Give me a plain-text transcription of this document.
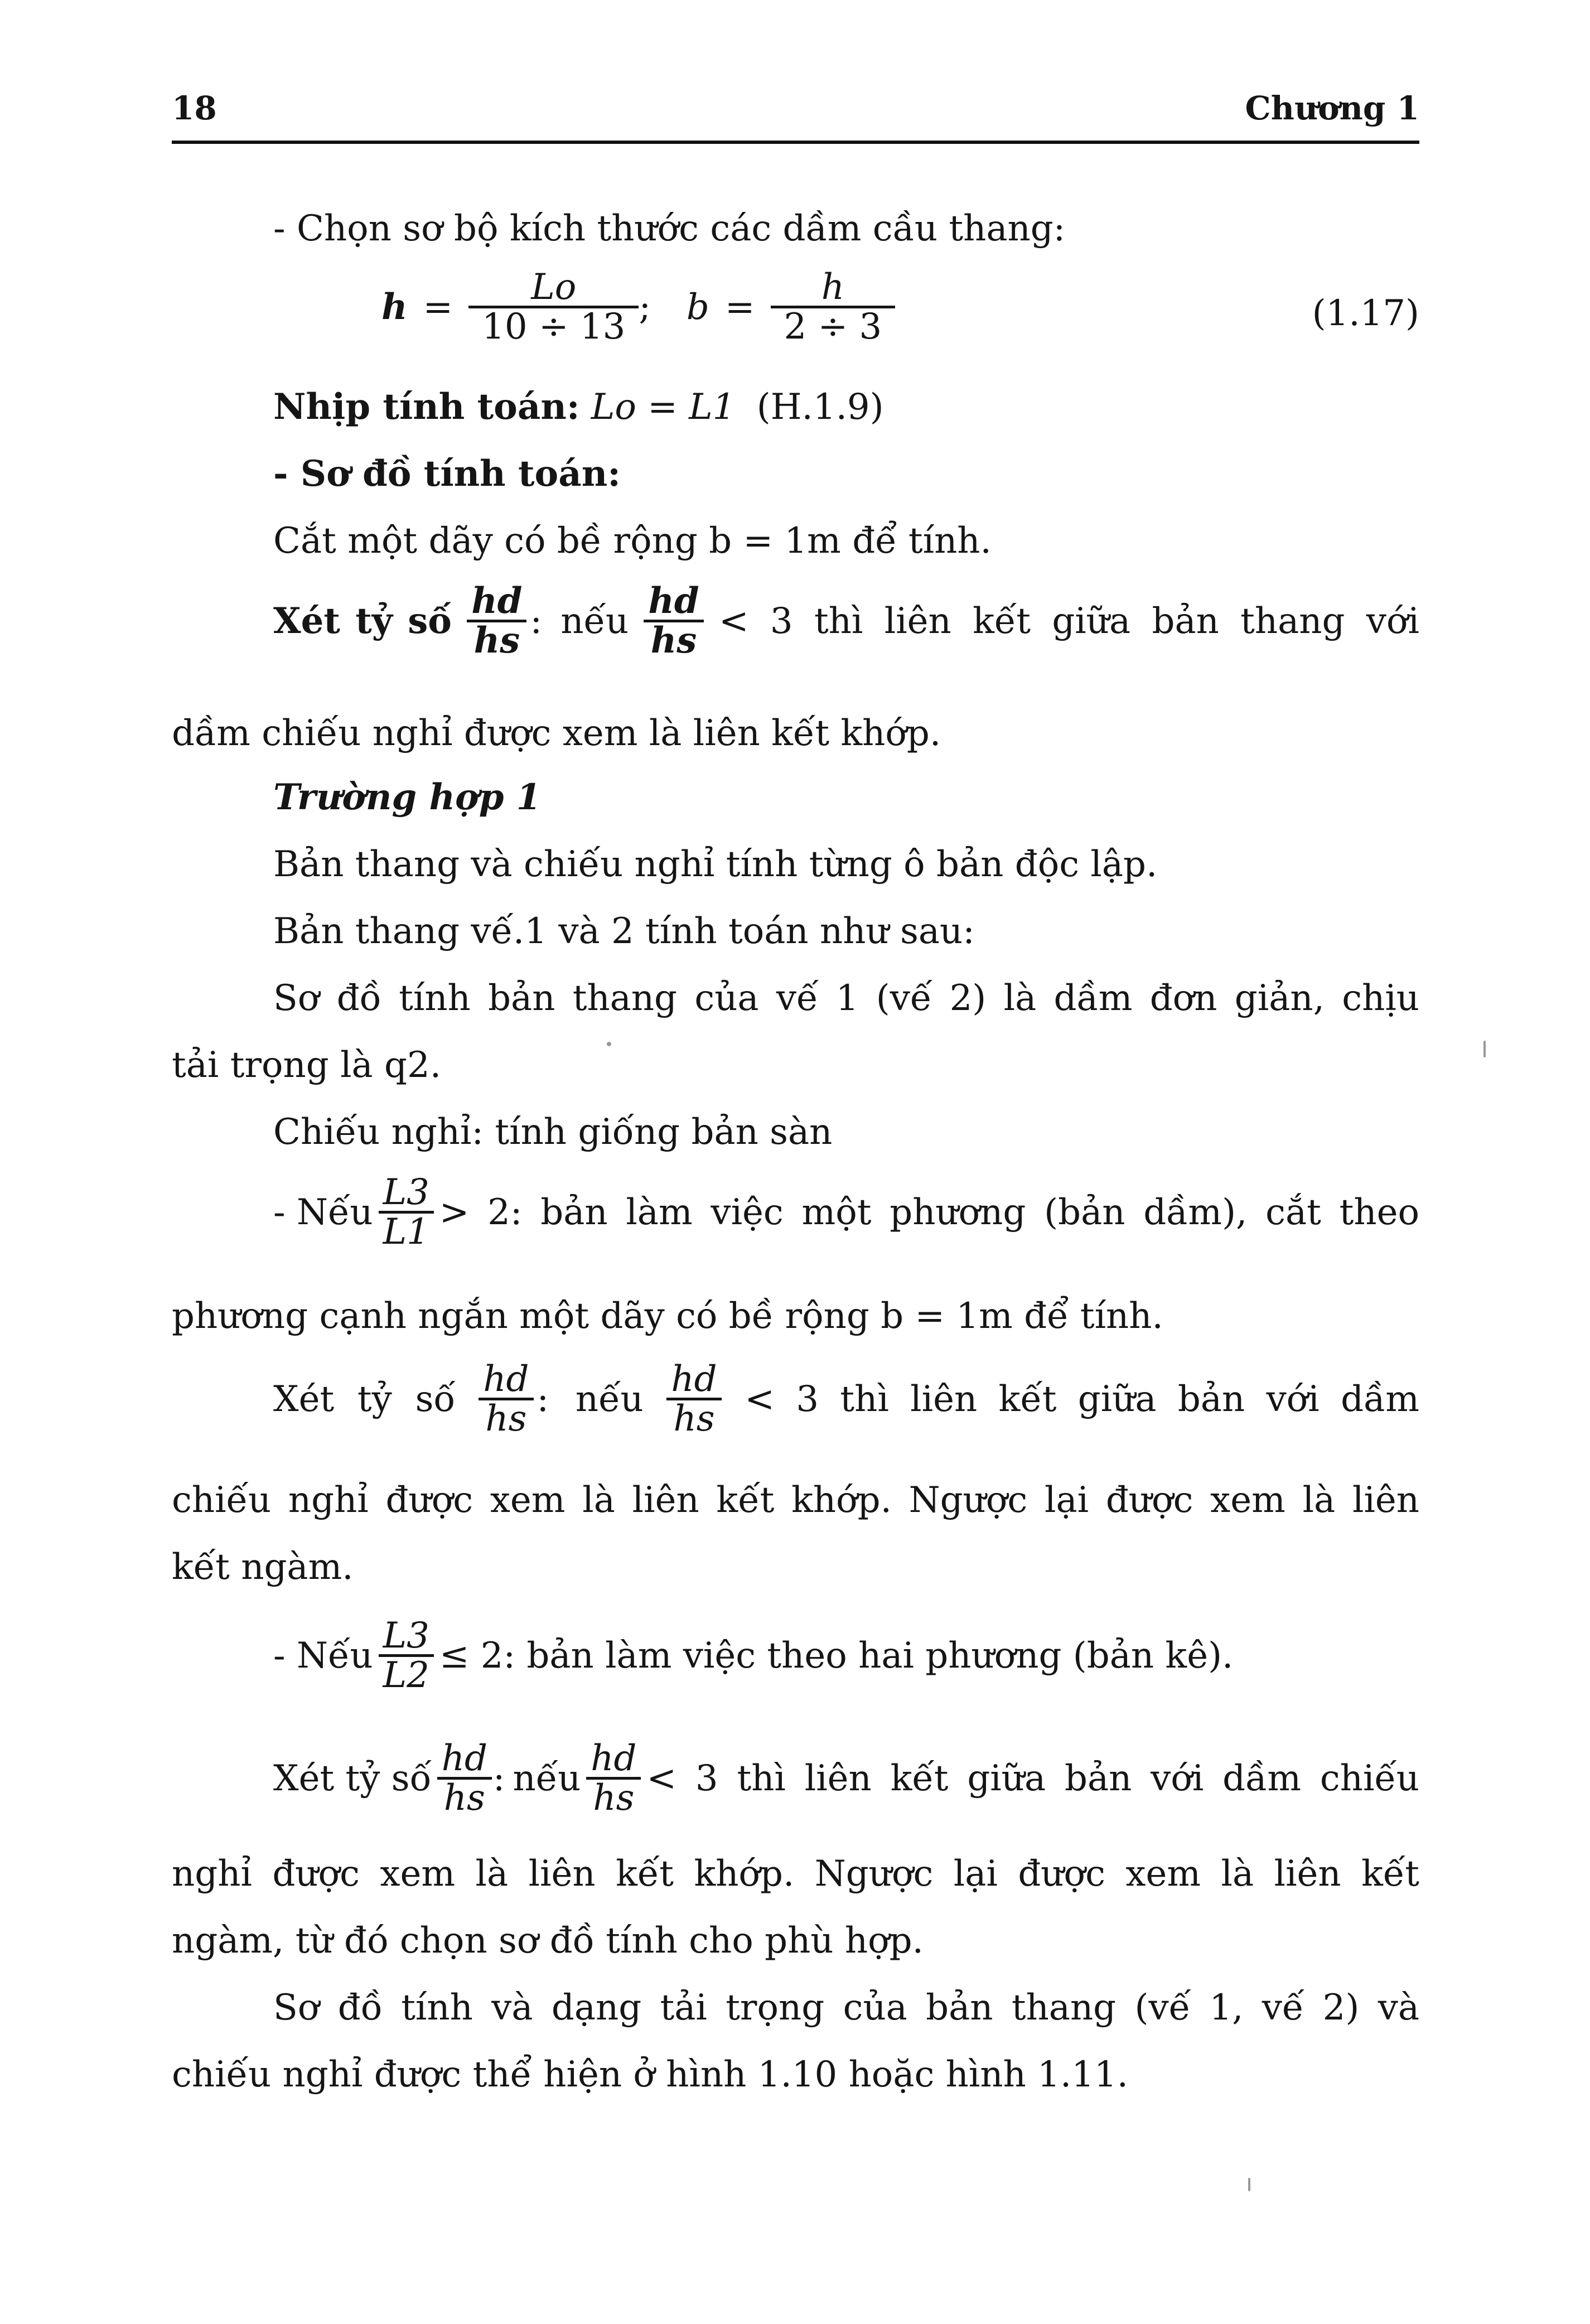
18	Chương 1
- Chọn sơ bộ kích thước các dầm cầu thang:
h =	Lo
10 ÷ 13 ; b =	h
2 ÷ 3	(1.17)
Nhịp tính toán: Lo = L1 (H.1.9)
- Sơ đồ tính toán:
Cắt một dãy có bề rộng b = 1m để tính.
Xét tỷ số hd
hs : nếu hd
hs < 3 thì liên kết giữa bản thang với
dầm chiếu nghỉ được xem là liên kết khớp.
Trường hợp 1
Bản thang và chiếu nghỉ tính từng ô bản độc lập.
Bản thang vế.1 và 2 tính toán như sau:
Sơ đồ tính bản thang của vế 1 (vế 2) là dầm đơn giản, chịu
tải trọng là q2.
Chiếu nghỉ: tính giống bản sàn
- Nếu L3
L1 > 2: bản làm việc một phương (bản dầm), cắt theo
phương cạnh ngắn một dãy có bề rộng b = 1m để tính.
Xét tỷ số hd
hs : nếu hd
hs < 3 thì liên kết giữa bản với dầm
chiếu nghỉ được xem là liên kết khớp. Ngược lại được xem là liên
kết ngàm.
- Nếu L3
L2 ≤ 2: bản làm việc theo hai phương (bản kê).
Xét tỷ số hd
hs : nếu hd
hs < 3 thì liên kết giữa bản với dầm chiếu
nghỉ được xem là liên kết khớp. Ngược lại được xem là liên kết
ngàm, từ đó chọn sơ đồ tính cho phù hợp.
Sơ đồ tính và dạng tải trọng của bản thang (vế 1, vế 2) và
chiếu nghỉ được thể hiện ở hình 1.10 hoặc hình 1.11.
